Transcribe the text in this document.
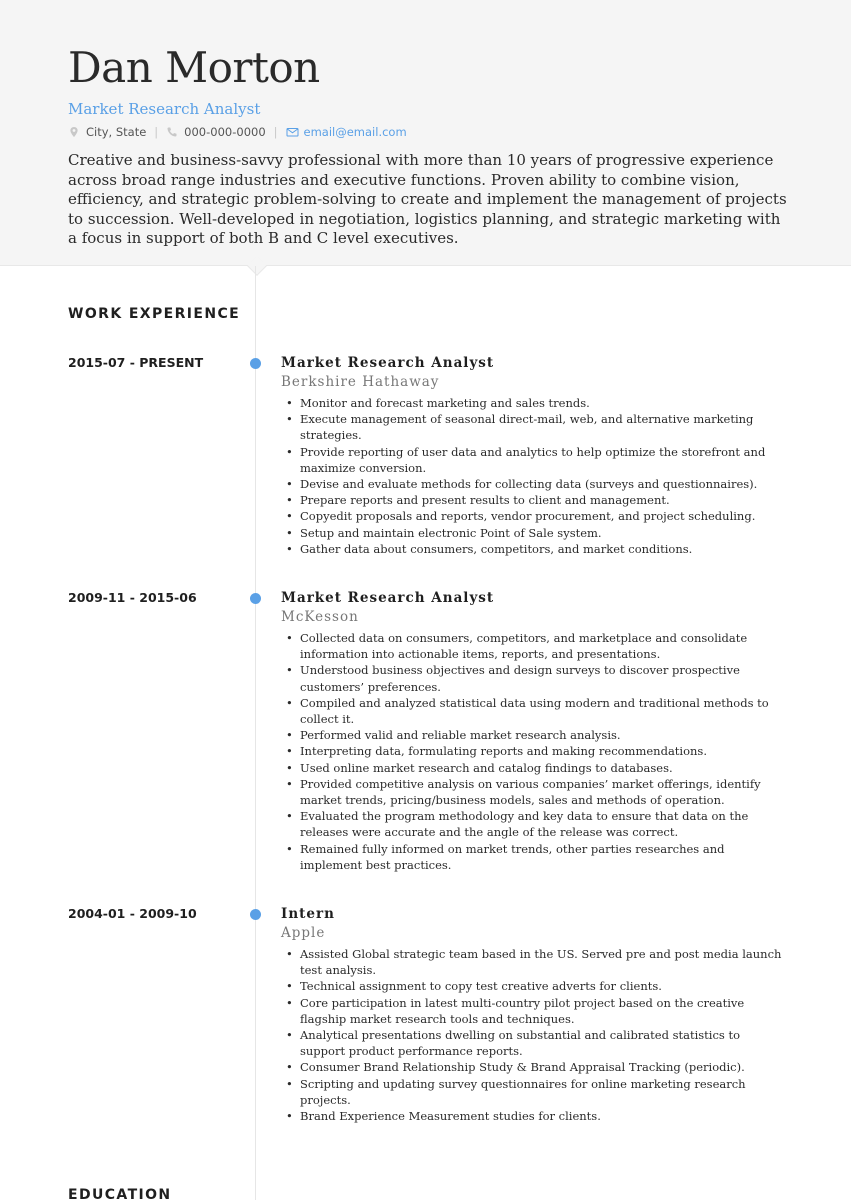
Dan Morton
Market Research Analyst
City, State | 000-000-0000 | email@email.com
Creative and business-savvy professional with more than 10 years of progressive experience across broad range industries and executive functions. Proven ability to combine vision, efficiency, and strategic problem-solving to create and implement the management of projects to succession. Well-developed in negotiation, logistics planning, and strategic marketing with a focus in support of both B and C level executives.
WORK EXPERIENCE
2015-07 - PRESENT	Market Research Analyst
Berkshire Hathaway
• Monitor and forecast marketing and sales trends.
• Execute management of seasonal direct-mail, web, and alternative marketing strategies.
• Provide reporting of user data and analytics to help optimize the storefront and maximize conversion.
• Devise and evaluate methods for collecting data (surveys and questionnaires).
• Prepare reports and present results to client and management.
• Copyedit proposals and reports, vendor procurement, and project scheduling.
• Setup and maintain electronic Point of Sale system.
• Gather data about consumers, competitors, and market conditions.
2009-11 - 2015-06	Market Research Analyst
McKesson
• Collected data on consumers, competitors, and marketplace and consolidate information into actionable items, reports, and presentations.
• Understood business objectives and design surveys to discover prospective customers’ preferences.
• Compiled and analyzed statistical data using modern and traditional methods to collect it.
• Performed valid and reliable market research analysis.
• Interpreting data, formulating reports and making recommendations.
• Used online market research and catalog findings to databases.
• Provided competitive analysis on various companies’ market offerings, identify market trends, pricing/business models, sales and methods of operation.
• Evaluated the program methodology and key data to ensure that data on the releases were accurate and the angle of the release was correct.
• Remained fully informed on market trends, other parties researches and implement best practices.
2004-01 - 2009-10	Intern
Apple
• Assisted Global strategic team based in the US. Served pre and post media launch test analysis.
• Technical assignment to copy test creative adverts for clients.
• Core participation in latest multi-country pilot project based on the creative flagship market research tools and techniques.
• Analytical presentations dwelling on substantial and calibrated statistics to support product performance reports.
• Consumer Brand Relationship Study & Brand Appraisal Tracking (periodic).
• Scripting and updating survey questionnaires for online marketing research projects.
• Brand Experience Measurement studies for clients.
EDUCATION
